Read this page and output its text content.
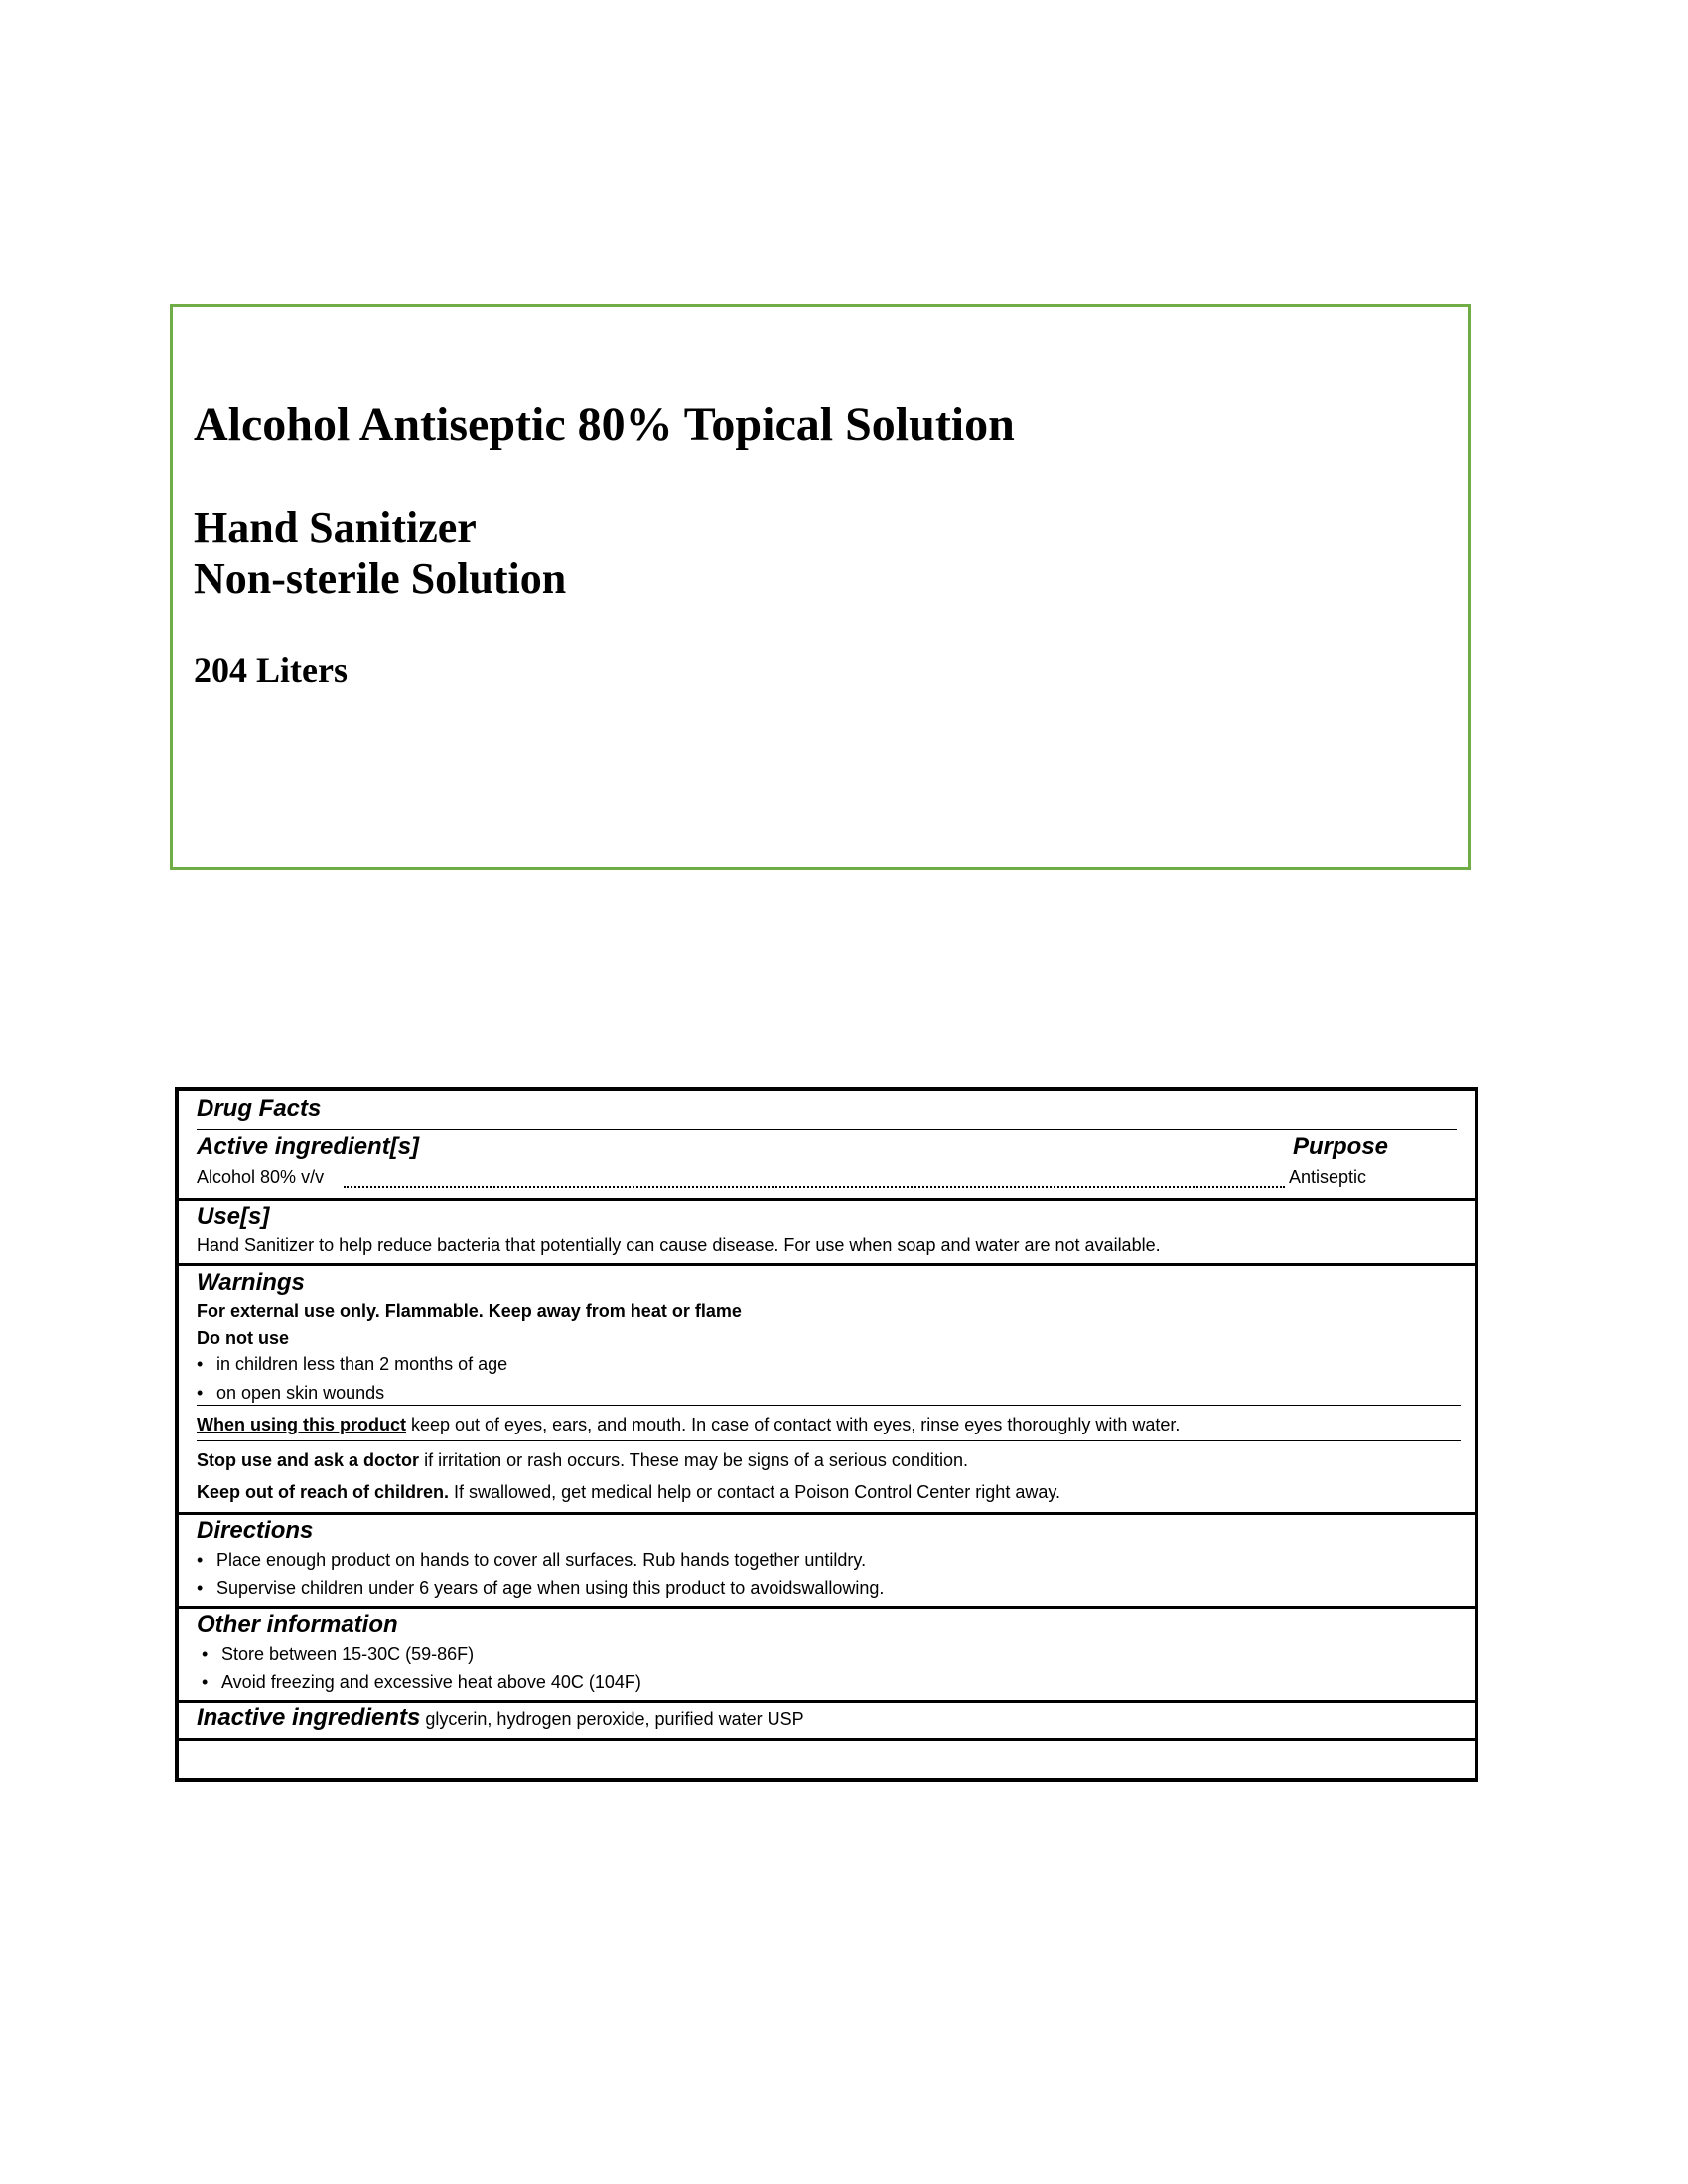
Alcohol Antiseptic 80% Topical Solution

Hand Sanitizer

Non-sterile Solution

204 Liters

Drug Facts
Active ingredient[s]	Purpose
Alcohol 80% v/v	Antiseptic
Use[s]
Hand Sanitizer to help reduce bacteria that potentially can cause disease. For use when soap and water are not available.
Warnings
For external use only. Flammable. Keep away from heat or flame
Do not use
• in children less than 2 months of age
• on open skin wounds
When using this product keep out of eyes, ears, and mouth. In case of contact with eyes, rinse eyes thoroughly with water.
Stop use and ask a doctor if irritation or rash occurs. These may be signs of a serious condition.
Keep out of reach of children. If swallowed, get medical help or contact a Poison Control Center right away.
Directions
• Place enough product on hands to cover all surfaces. Rub hands together untildry.
• Supervise children under 6 years of age when using this product to avoidswallowing.
Other information
• Store between 15-30C (59-86F)
• Avoid freezing and excessive heat above 40C (104F)
Inactive ingredients glycerin, hydrogen peroxide, purified water USP
